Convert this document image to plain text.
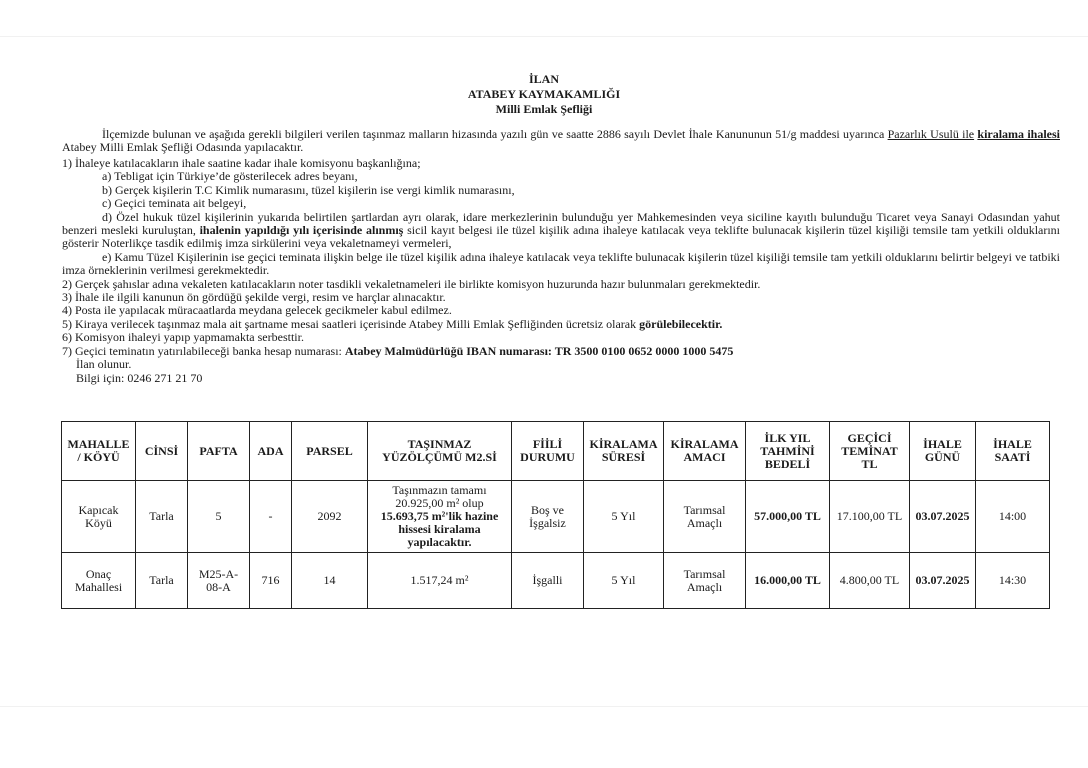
İLAN
ATABEY KAYMAKAMLIĞI
Milli Emlak Şefliği
İlçemizde bulunan ve aşağıda gerekli bilgileri verilen taşınmaz malların hizasında yazılı gün ve saatte 2886 sayılı Devlet İhale Kanununun 51/g maddesi uyarınca Pazarlık Usulü ile kiralama ihalesi Atabey Milli Emlak Şefliği Odasında yapılacaktır.

1) İhaleye katılacakların ihale saatine kadar ihale komisyonu başkanlığına;

a) Tebligat için Türkiye’de gösterilecek adres beyanı,

b) Gerçek kişilerin T.C Kimlik numarasını, tüzel kişilerin ise vergi kimlik numarasını,

c) Geçici teminata ait belgeyi,

d) Özel hukuk tüzel kişilerinin yukarıda belirtilen şartlardan ayrı olarak, idare merkezlerinin bulunduğu yer Mahkemesinden veya siciline kayıtlı bulunduğu Ticaret veya Sanayi Odasından yahut benzeri mesleki kuruluştan, ihalenin yapıldığı yılı içerisinde alınmış sicil kayıt belgesi ile tüzel kişilik adına ihaleye katılacak veya teklifte bulunacak kişilerin tüzel kişiliği temsile tam yetkili olduklarını gösterir Noterlikçe tasdik edilmiş imza sirkülerini veya vekaletnameyi vermeleri,

e) Kamu Tüzel Kişilerinin ise geçici teminata ilişkin belge ile tüzel kişilik adına ihaleye katılacak veya teklifte bulunacak kişilerin tüzel kişiliği temsile tam yetkili olduklarını belirtir belgeyi ve tatbiki imza örneklerinin verilmesi gerekmektedir.

2) Gerçek şahıslar adına vekaleten katılacakların noter tasdikli vekaletnameleri ile birlikte komisyon huzurunda hazır bulunmaları gerekmektedir.

3) İhale ile ilgili kanunun ön gördüğü şekilde vergi, resim ve harçlar alınacaktır.

4) Posta ile yapılacak müracaatlarda meydana gelecek gecikmeler kabul edilmez.

5) Kiraya verilecek taşınmaz mala ait şartname mesai saatleri içerisinde Atabey Milli Emlak Şefliğinden ücretsiz olarak görülebilecektir.

6) Komisyon ihaleyi yapıp yapmamakta serbesttir.

7) Geçici teminatın yatırılabileceği banka hesap numarası: Atabey Malmüdürlüğü IBAN numarası: TR 3500 0100 0652 0000 1000 5475

İlan olunur.

Bilgi için: 0246 271 21 70

MAHALLE / KÖYÜ	CİNSİ	PAFTA	ADA	PARSEL	TAŞINMAZ YÜZÖLÇÜMÜ M2.Sİ	FİİLİ DURUMU	KİRALAMA SÜRESİ	KİRALAMA AMACI	İLK YIL TAHMİNİ BEDELİ	GEÇİCİ TEMİNAT TL	İHALE GÜNÜ	İHALE SAATİ
Kapıcak Köyü	Tarla	5	-	2092	Taşınmazın tamamı 20.925,00 m² olup
15.693,75 m²'lik hazine hissesi kiralama yapılacaktır.	Boş ve İşgalsiz	5 Yıl	Tarımsal Amaçlı	57.000,00 TL	17.100,00 TL	03.07.2025	14:00
Onaç Mahallesi	Tarla	M25-A-08-A	716	14	1.517,24 m²	İşgalli	5 Yıl	Tarımsal Amaçlı	16.000,00 TL	4.800,00 TL	03.07.2025	14:30
